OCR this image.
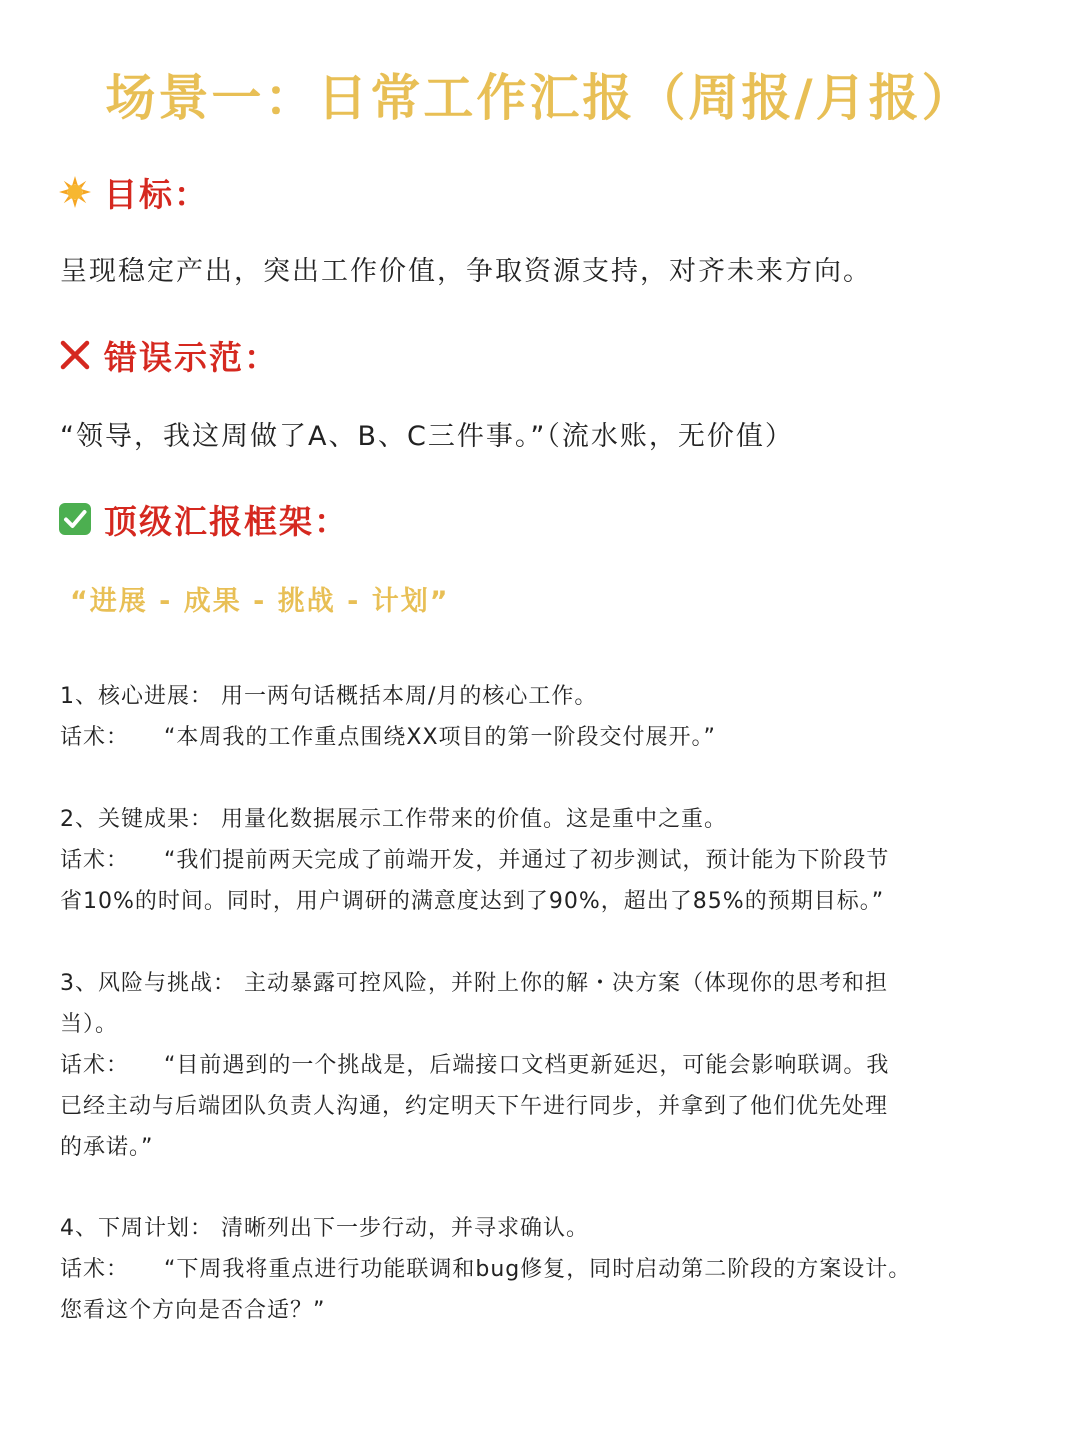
场景一：日常工作汇报（周报/月报）
目标：
呈现稳定产出，突出工作价值，争取资源支持，对齐未来方向。
错误示范：
“领导，我这周做了A、B、C三件事。”（流水账，无价值）
顶级汇报框架：
“进展 - 成果 - 挑战 - 计划”
1、核心进展： 用一两句话概括本周/月的核心工作。
话术： “本周我的工作重点围绕XX项目的第一阶段交付展开。”
2、关键成果： 用量化数据展示工作带来的价值。这是重中之重。
话术： “我们提前两天完成了前端开发，并通过了初步测试，预计能为下阶段节
省10%的时间。同时，用户调研的满意度达到了90%，超出了85%的预期目标。”
3、风险与挑战： 主动暴露可控风险，并附上你的解・决方案（体现你的思考和担
当）。
话术： “目前遇到的一个挑战是，后端接口文档更新延迟，可能会影响联调。我
已经主动与后端团队负责人沟通，约定明天下午进行同步，并拿到了他们优先处理
的承诺。”
4、下周计划： 清晰列出下一步行动，并寻求确认。
话术： “下周我将重点进行功能联调和bug修复，同时启动第二阶段的方案设计。
您看这个方向是否合适？”
